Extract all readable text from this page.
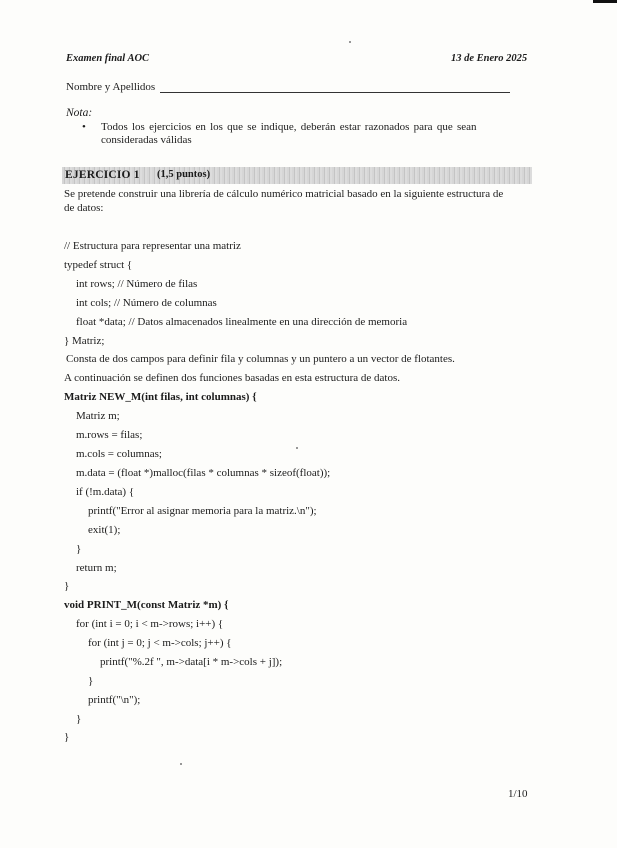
Examen final AOC	13 de Enero 2025
Nombre y Apellidos
Nota:
• Todos los ejercicios en los que se indique, deberán estar razonados para que sean
consideradas válidas
EJERCICIO 1 (1,5 puntos)
Se pretende construir una librería de cálculo numérico matricial basado en la siguiente estructura de
de datos:
// Estructura para representar una matriz
typedef struct {
int rows; // Número de filas
int cols; // Número de columnas
float *data; // Datos almacenados linealmente en una dirección de memoria
} Matriz;
Consta de dos campos para definir fila y columnas y un puntero a un vector de flotantes.
A continuación se definen dos funciones basadas en esta estructura de datos.
Matriz NEW_M(int filas, int columnas) {
Matriz m;
m.rows = filas;
m.cols = columnas;
m.data = (float *)malloc(filas * columnas * sizeof(float));
if (!m.data) {
printf("Error al asignar memoria para la matriz.\n");
exit(1);
}
return m;
}
void PRINT_M(const Matriz *m) {
for (int i = 0; i < m->rows; i++) {
for (int j = 0; j < m->cols; j++) {
printf("%.2f ", m->data[i * m->cols + j]);
}
printf("\n");
}
}
1/10
